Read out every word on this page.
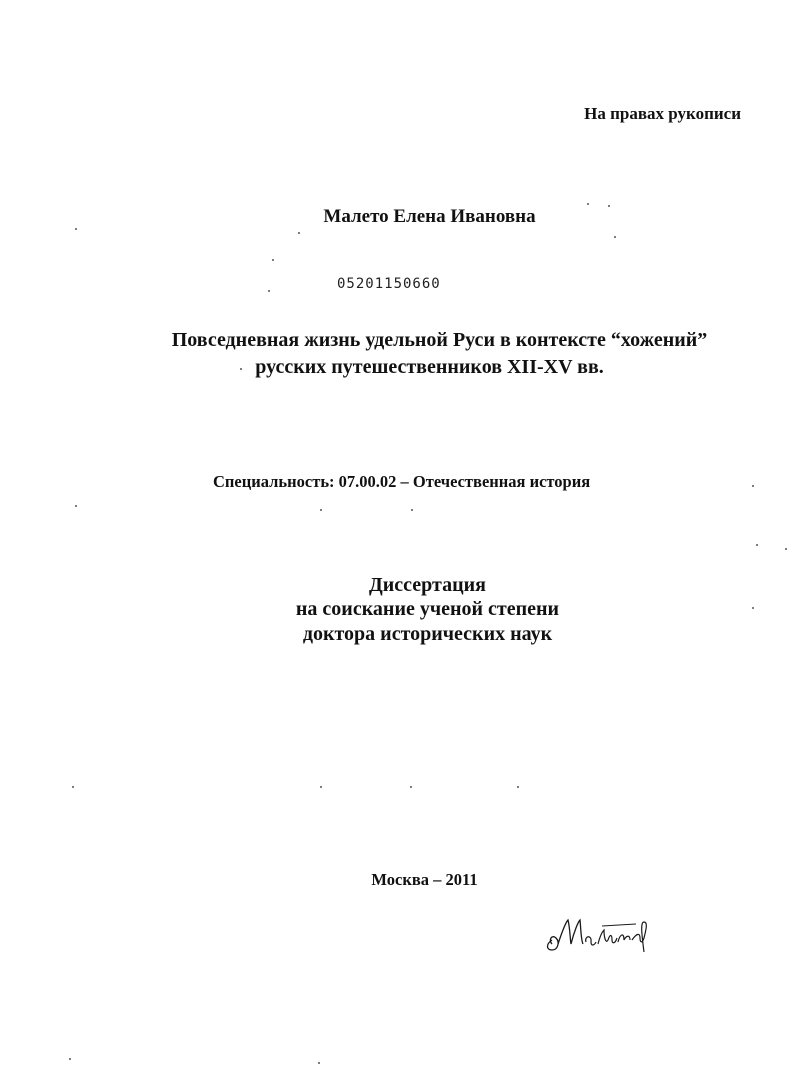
На правах рукописи
Малето Елена Ивановна
05201150660
Повседневная жизнь удельной Руси в контексте “хожений”
русских путешественников XII-XV вв.
Специальность: 07.00.02 – Отечественная история
Диссертация
на соискание ученой степени
доктора исторических наук
Москва – 2011
